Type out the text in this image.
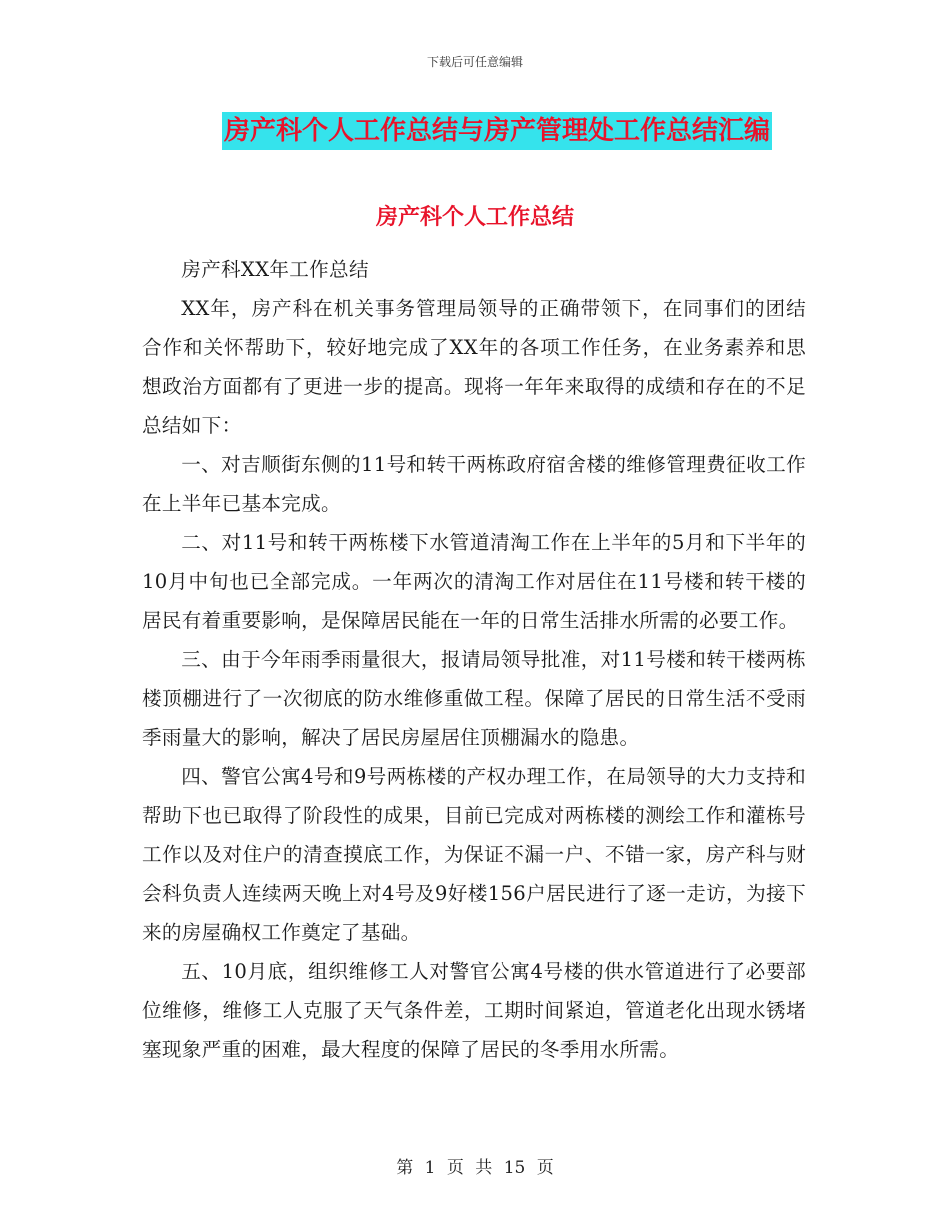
下载后可任意编辑
房产科个人工作总结与房产管理处工作总结汇编
房产科个人工作总结

房产科XX年工作总结

XX年，房产科在机关事务管理局领导的正确带领下，在同事们的团结合作和关怀帮助下，较好地完成了XX年的各项工作任务，在业务素养和思想政治方面都有了更进一步的提高。现将一年年来取得的成绩和存在的不足总结如下：

一、对吉顺街东侧的11号和转干两栋政府宿舍楼的维修管理费征收工作在上半年已基本完成。

二、对11号和转干两栋楼下水管道清淘工作在上半年的5月和下半年的10月中旬也已全部完成。一年两次的清淘工作对居住在11号楼和转干楼的居民有着重要影响，是保障居民能在一年的日常生活排水所需的必要工作。

三、由于今年雨季雨量很大，报请局领导批准，对11号楼和转干楼两栋楼顶棚进行了一次彻底的防水维修重做工程。保障了居民的日常生活不受雨季雨量大的影响，解决了居民房屋居住顶棚漏水的隐患。

四、警官公寓4号和9号两栋楼的产权办理工作，在局领导的大力支持和帮助下也已取得了阶段性的成果，目前已完成对两栋楼的测绘工作和灌栋号工作以及对住户的清查摸底工作，为保证不漏一户、不错一家，房产科与财会科负责人连续两天晚上对4号及9好楼156户居民进行了逐一走访，为接下来的房屋确权工作奠定了基础。

五、10月底，组织维修工人对警官公寓4号楼的供水管道进行了必要部位维修，维修工人克服了天气条件差，工期时间紧迫，管道老化出现水锈堵塞现象严重的困难，最大程度的保障了居民的冬季用水所需。

第 1 页 共 15 页
